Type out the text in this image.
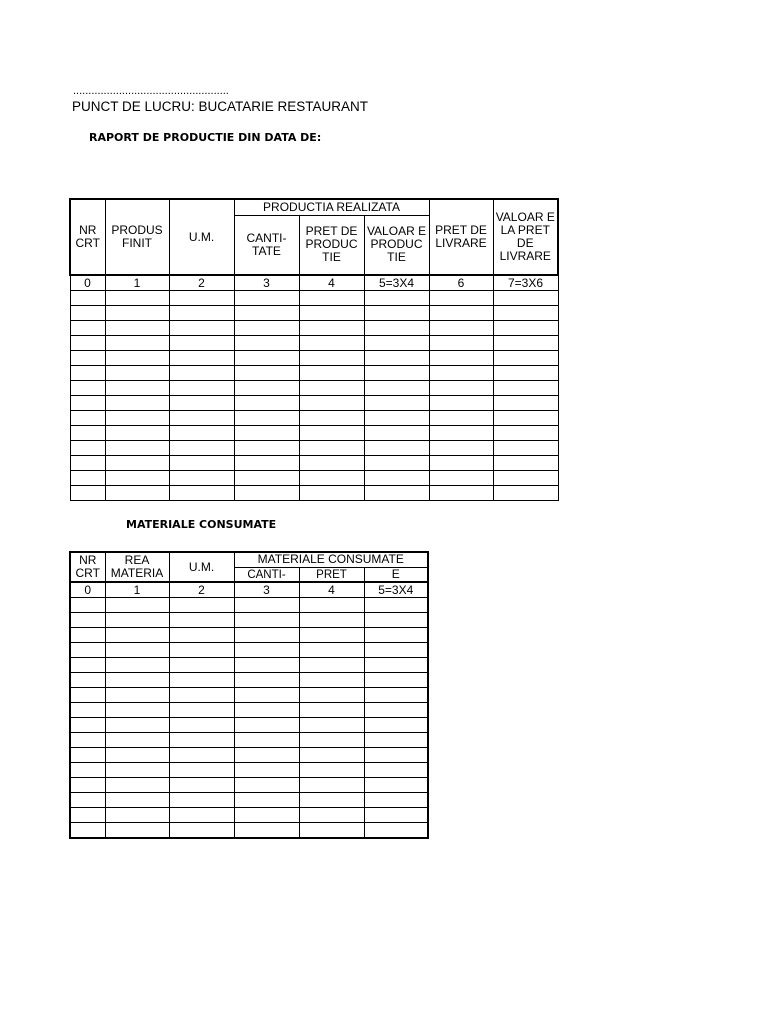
...................................................
PUNCT DE LUCRU: BUCATARIE RESTAURANT
RAPORT DE PRODUCTIE DIN DATA DE:
NR CRT	PRODUS FINIT	U.M.	PRODUCTIA REALIZATA			PRET DE LIVRARE	VALOAR E LA PRET DE LIVRARE
			CANTI- TATE	PRET DE PRODUC TIE	VALOAR E PRODUC TIE		
0	1	2	3	4	5=3X4	6	7=3X6

MATERIALE CONSUMATE
NR CRT	REA MATERIA	U.M.	MATERIALE CONSUMATE		

			CANTI-	PRET	E
0	1	2	3	4	5=3X4
